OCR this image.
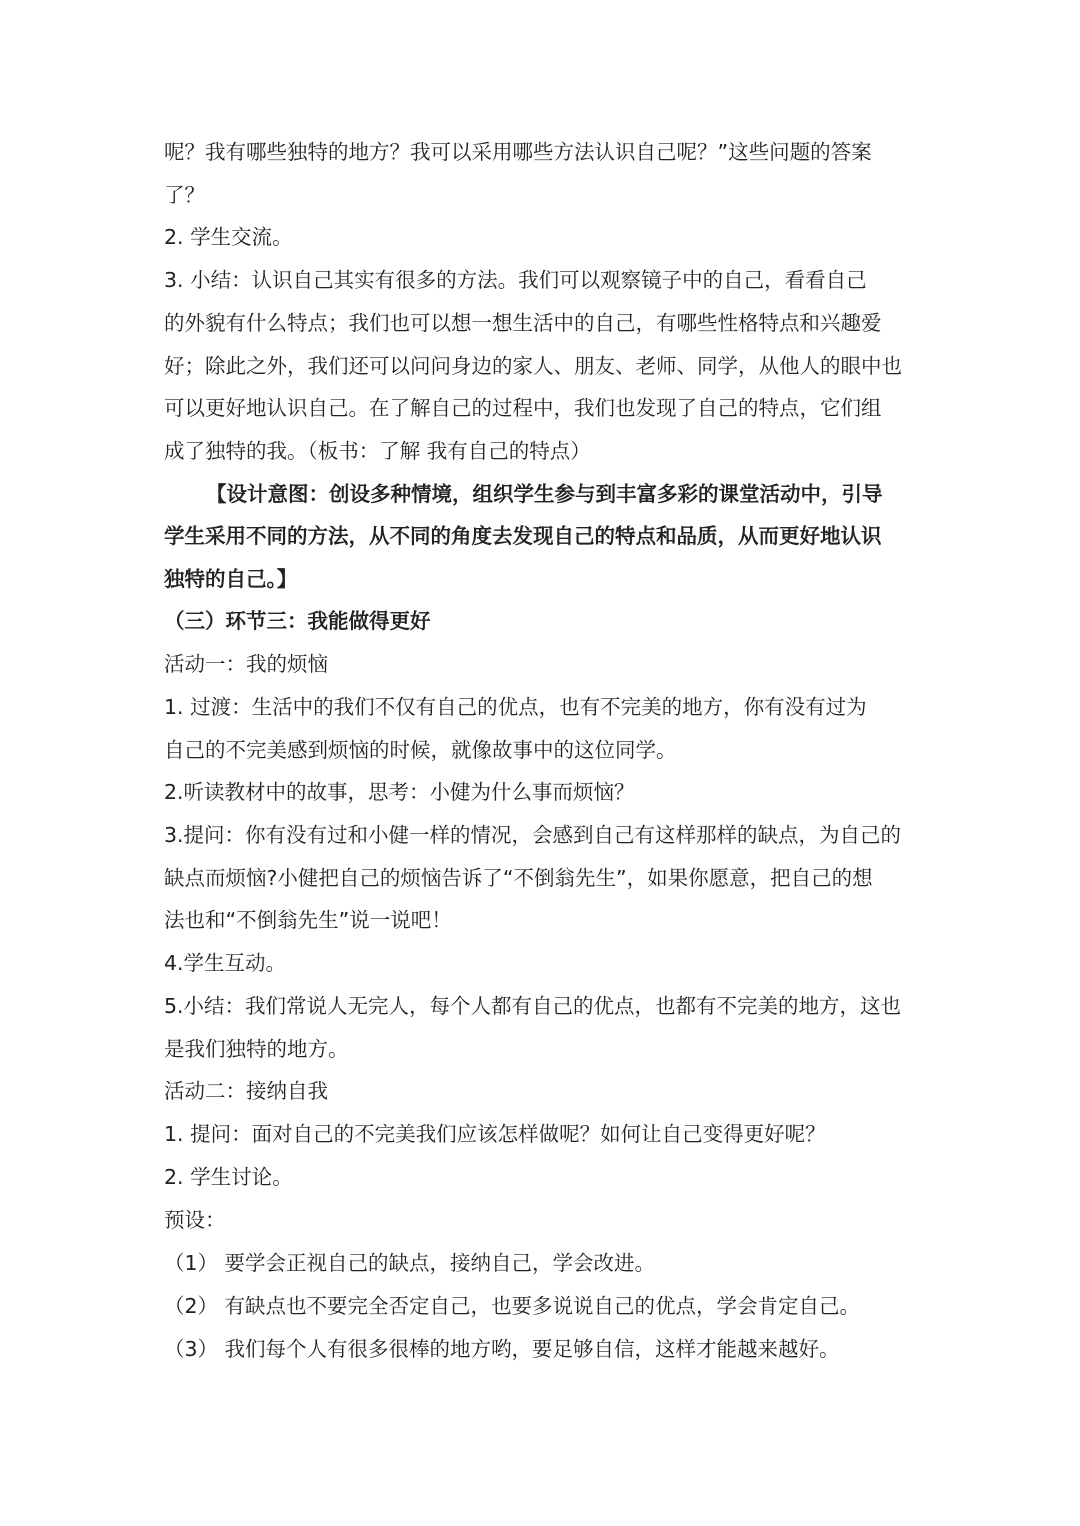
呢？我有哪些独特的地方？我可以采用哪些方法认识自己呢？”这些问题的答案
了？
2. 学生交流。
3. 小结：认识自己其实有很多的方法。我们可以观察镜子中的自己，看看自己
的外貌有什么特点；我们也可以想一想生活中的自己，有哪些性格特点和兴趣爱
好；除此之外，我们还可以问问身边的家人、朋友、老师、同学，从他人的眼中也
可以更好地认识自己。在了解自己的过程中，我们也发现了自己的特点，它们组
成了独特的我。（板书：了解 我有自己的特点）
【设计意图：创设多种情境，组织学生参与到丰富多彩的课堂活动中，引导
学生采用不同的方法，从不同的角度去发现自己的特点和品质，从而更好地认识
独特的自己。】
（三）环节三：我能做得更好
活动一：我的烦恼
1. 过渡：生活中的我们不仅有自己的优点，也有不完美的地方，你有没有过为
自己的不完美感到烦恼的时候，就像故事中的这位同学。
2.听读教材中的故事，思考：小健为什么事而烦恼？
3.提问：你有没有过和小健一样的情况，会感到自己有这样那样的缺点，为自己的
缺点而烦恼?小健把自己的烦恼告诉了“不倒翁先生”，如果你愿意，把自己的想
法也和“不倒翁先生”说一说吧！
4.学生互动。
5.小结：我们常说人无完人，每个人都有自己的优点，也都有不完美的地方，这也
是我们独特的地方。
活动二：接纳自我
1. 提问：面对自己的不完美我们应该怎样做呢？如何让自己变得更好呢？
2. 学生讨论。
预设：
（1） 要学会正视自己的缺点，接纳自己，学会改进。
（2） 有缺点也不要完全否定自己，也要多说说自己的优点，学会肯定自己。
（3） 我们每个人有很多很棒的地方哟，要足够自信，这样才能越来越好。
